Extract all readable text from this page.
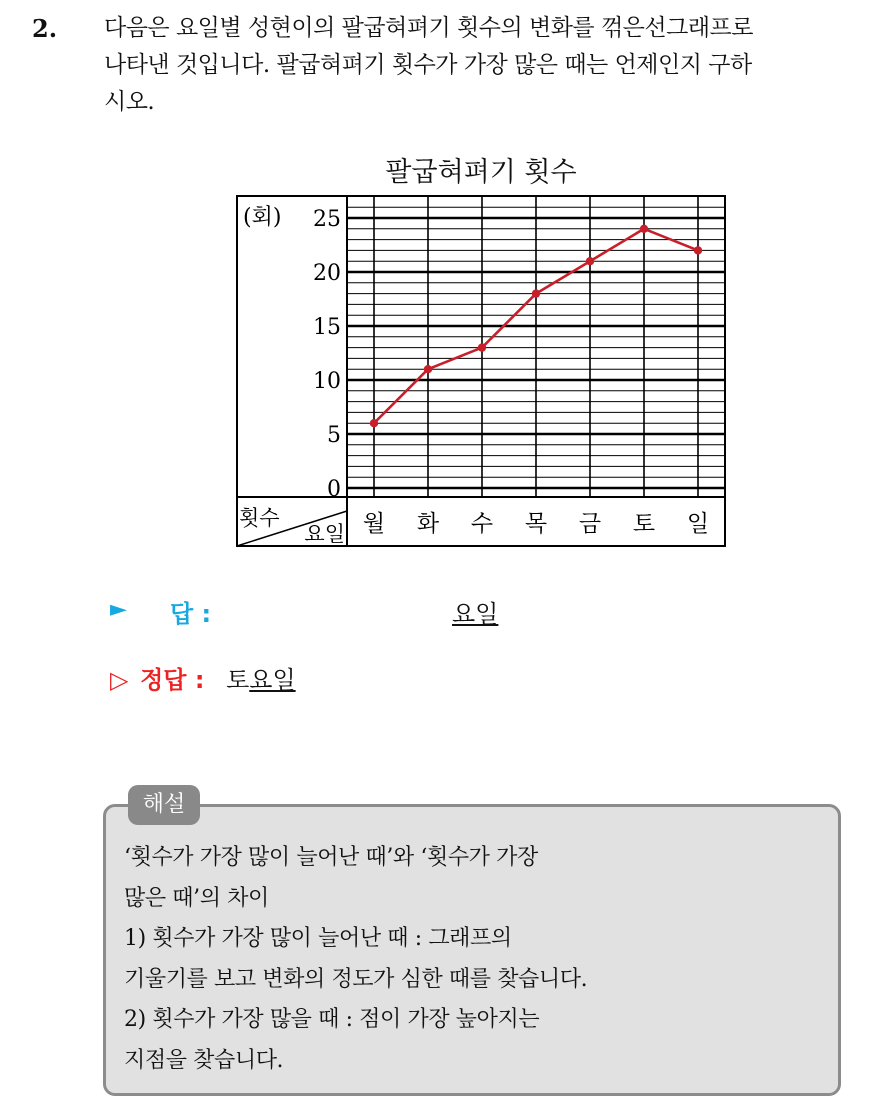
2. 다음은 요일별 성현이의 팔굽혀펴기 횟수의 변화를 꺾은선그래프로
나타낸 것입니다. 팔굽혀펴기 횟수가 가장 많은 때는 언제인지 구하
시오.
팔굽혀펴기 횟수
(회)
0
5
10
15
20
25
횟수
요일 월 화 수 목 금 토 일
► 답 :	요일
▷ 정답 : 토요일
해설
‘횟수가 가장 많이 늘어난 때’와 ‘횟수가 가장
많은 때’의 차이
1) 횟수가 가장 많이 늘어난 때 : 그래프의
기울기를 보고 변화의 정도가 심한 때를 찾습니다.
2) 횟수가 가장 많을 때 : 점이 가장 높아지는
지점을 찾습니다.
